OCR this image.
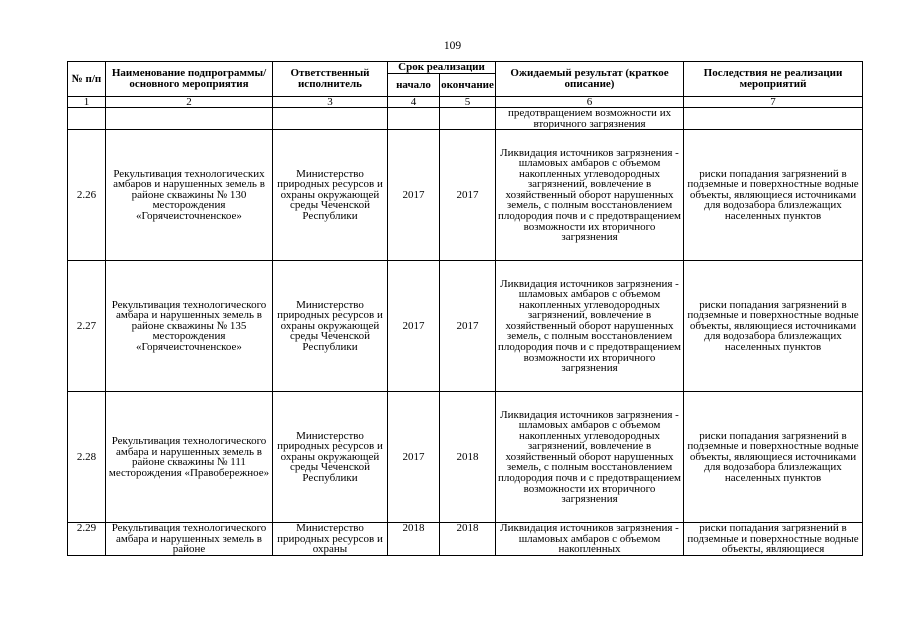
109
№ п/п	Наименование подпрограммы/ основного мероприятия	Ответственный исполнитель	Срок реализации		Ожидаемый результат (краткое описание)	Последствия не реализации мероприятий
			начало	окончание		
1	2	3	4	5	6	7
					предотвращением возможности их вторичного загрязнения	
2.26	Рекультивация технологических амбаров и нарушенных земель в районе скважины № 130 месторождения «Горячеисточненское»	Министерство природных ресурсов и охраны окружающей среды Чеченской Республики	2017	2017	Ликвидация источников загрязнения - шламовых амбаров с объемом накопленных углеводородных загрязнений, вовлечение в хозяйственный оборот нарушенных земель, с полным восстановлением плодородия почв и с предотвращением возможности их вторичного загрязнения	риски попадания загрязнений в подземные и поверхностные водные объекты, являющиеся источниками для водозабора близлежащих населенных пунктов
2.27	Рекультивация технологического амбара и нарушенных земель в районе скважины № 135 месторождения «Горячеисточненское»	Министерство природных ресурсов и охраны окружающей среды Чеченской Республики	2017	2017	Ликвидация источников загрязнения - шламовых амбаров с объемом накопленных углеводородных загрязнений, вовлечение в хозяйственный оборот нарушенных земель, с полным восстановлением плодородия почв и с предотвращением возможности их вторичного загрязнения	риски попадания загрязнений в подземные и поверхностные водные объекты, являющиеся источниками для водозабора близлежащих населенных пунктов
2.28	Рекультивация технологического амбара и нарушенных земель в районе скважины № 111 месторождения «Правобережное»	Министерство природных ресурсов и охраны окружающей среды Чеченской Республики	2017	2018	Ликвидация источников загрязнения - шламовых амбаров с объемом накопленных углеводородных загрязнений, вовлечение в хозяйственный оборот нарушенных земель, с полным восстановлением плодородия почв и с предотвращением возможности их вторичного загрязнения	риски попадания загрязнений в подземные и поверхностные водные объекты, являющиеся источниками для водозабора близлежащих населенных пунктов
2.29	Рекультивация технологического амбара и нарушенных земель в районе	Министерство природных ресурсов и охраны	2018	2018	Ликвидация источников загрязнения - шламовых амбаров с объемом накопленных	риски попадания загрязнений в подземные и поверхностные водные объекты, являющиеся
